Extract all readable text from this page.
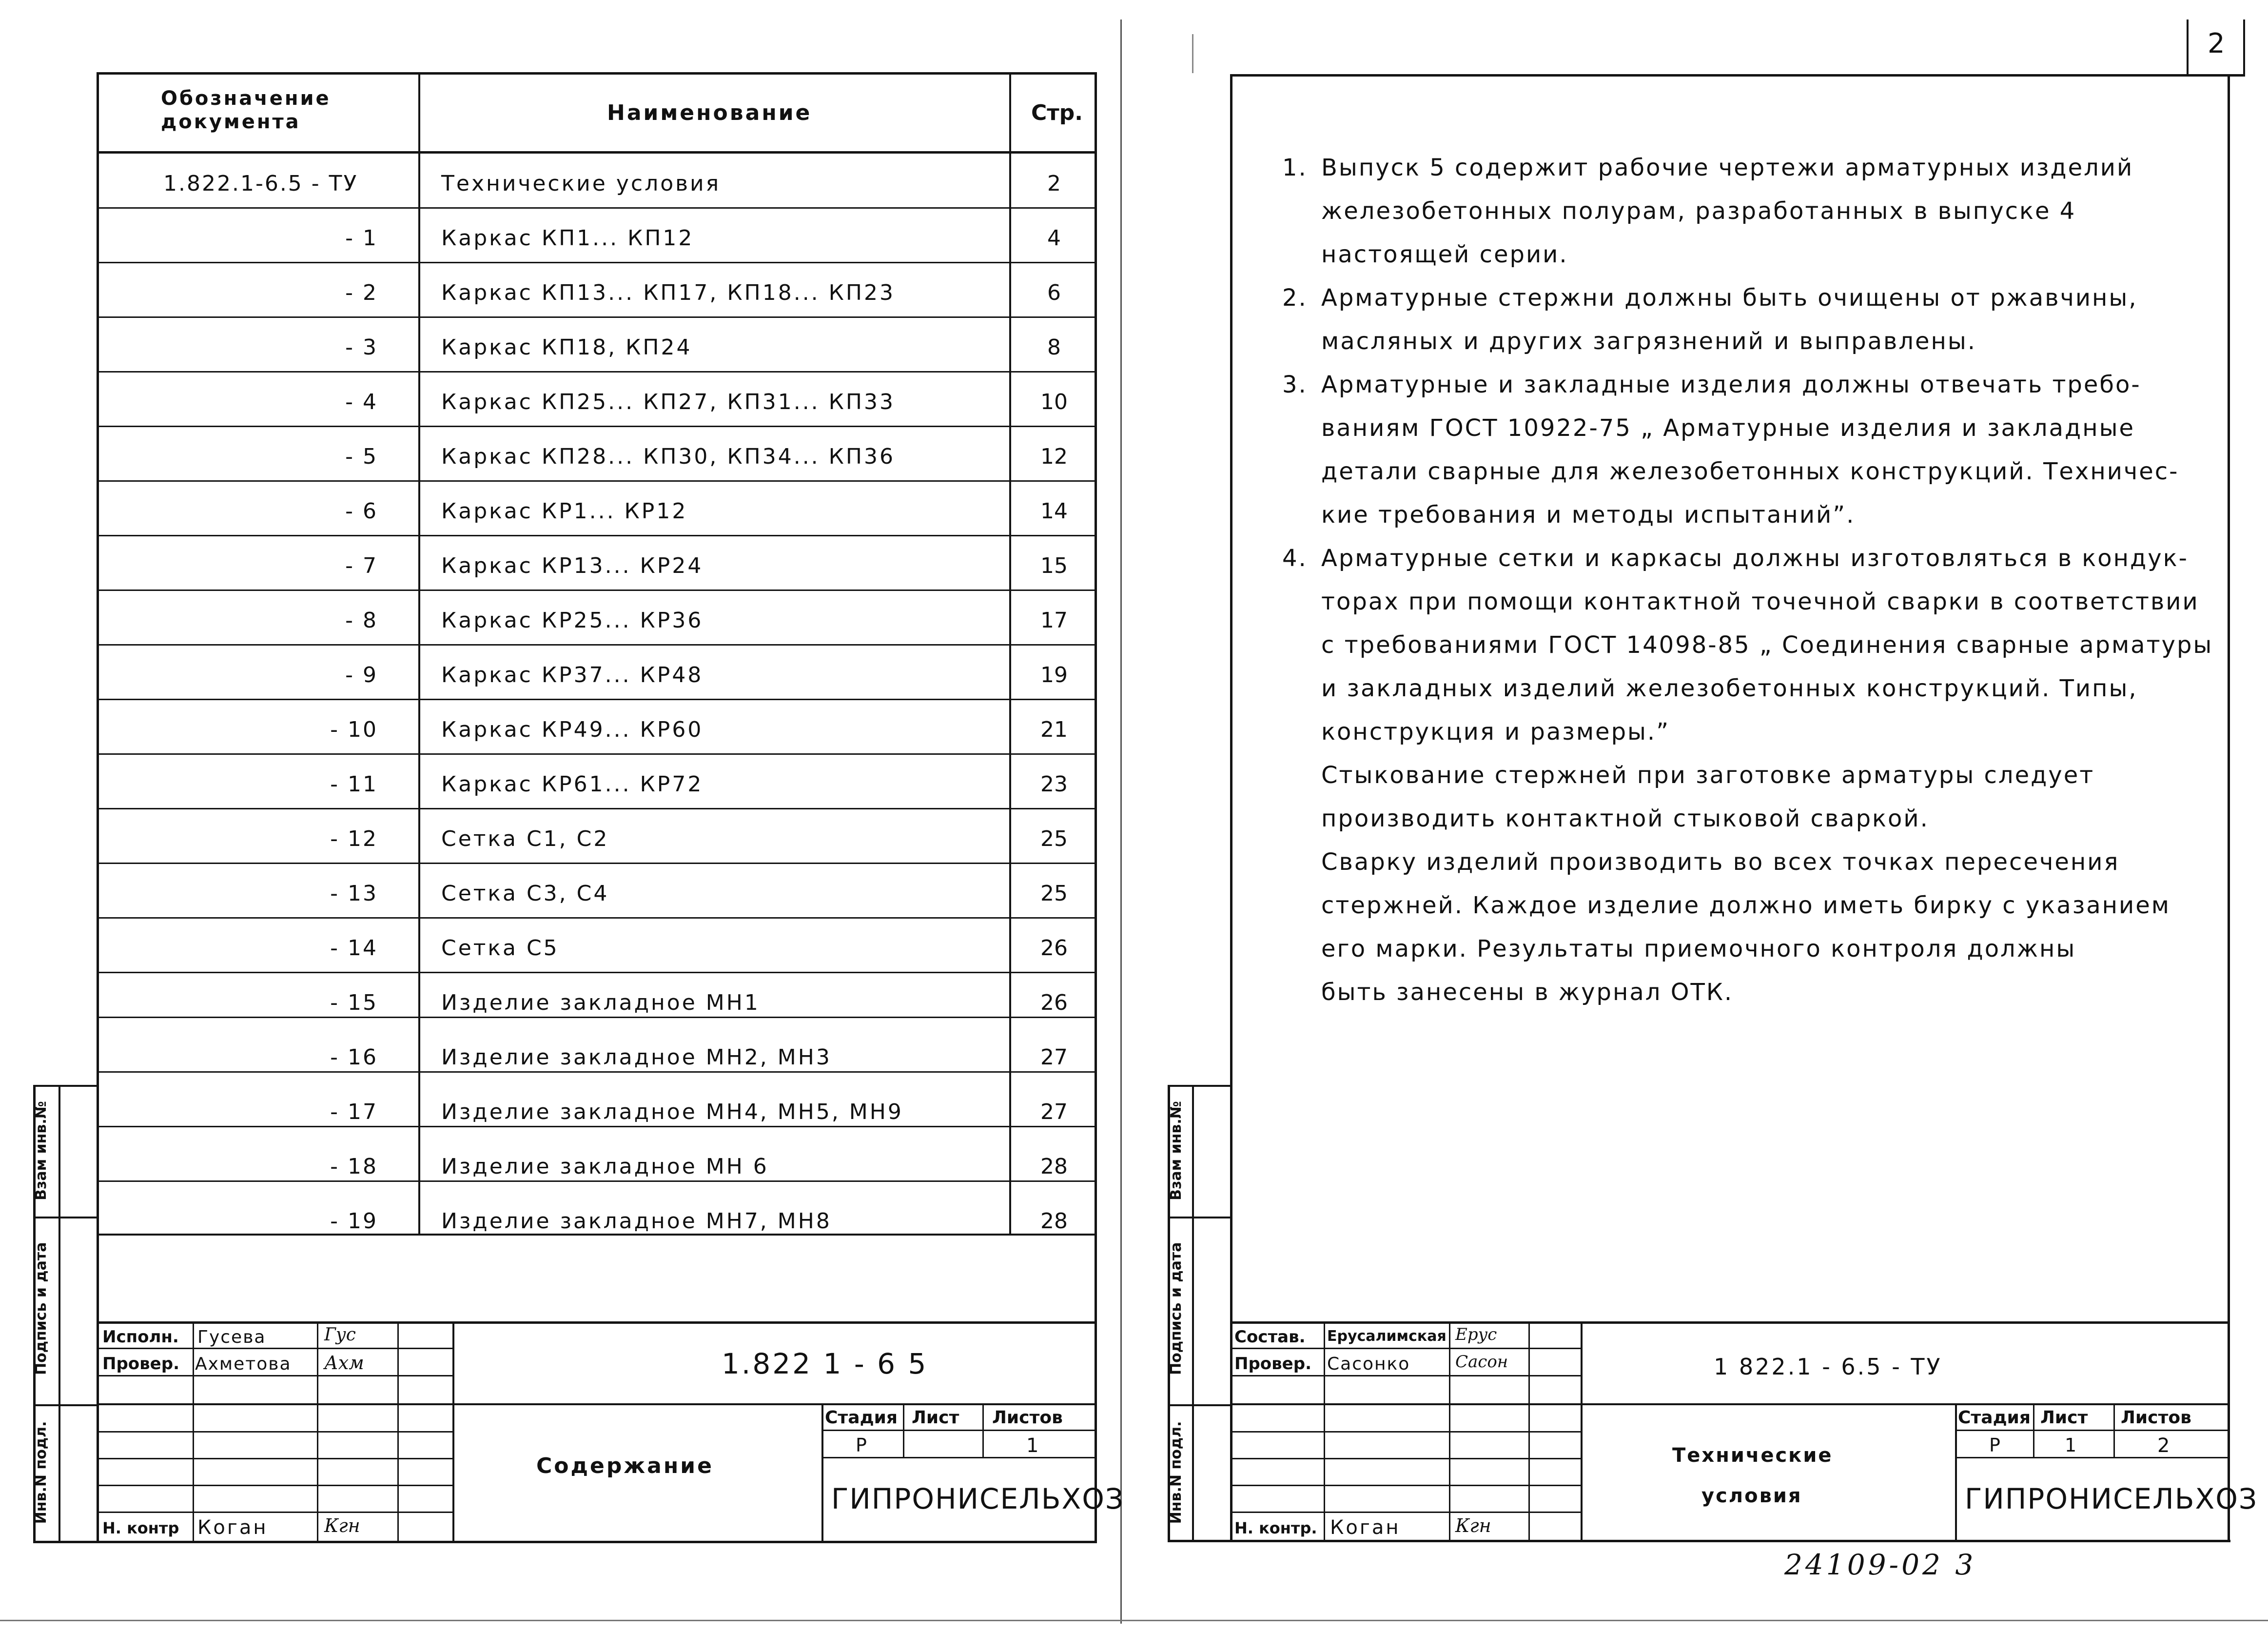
Обозначение документа	Наименование	Стр.
1.822.1-6.5 - ТУ	Технические условия	2
- 1	Каркас КП1... КП12	4
- 2	Каркас КП13... КП17, КП18... КП23	6
- 3	Каркас КП18, КП24	8
- 4	Каркас КП25... КП27, КП31... КП33	10
- 5	Каркас КП28... КП30, КП34... КП36	12
- 6	Каркас КР1... КР12	14
- 7	Каркас КР13... КР24	15
- 8	Каркас КР25... КР36	17
- 9	Каркас КР37... КР48	19
- 10	Каркас КР49... КР60	21
- 11	Каркас КР61... КР72	23
- 12	Сетка С1, С2	25
- 13	Сетка С3, С4	25
- 14	Сетка С5	26
- 15	Изделие закладное МН1	26
- 16	Изделие закладное МН2, МН3	27
- 17	Изделие закладное МН4, МН5, МН9	27
- 18	Изделие закладное МН 6	28
- 19	Изделие закладное МН7, МН8	28
Взам инв.№
Подпись и дата
Инв.N подл.
Исполн.
Провер.
Н. контр
Гусева
Ахметова
Коган
Гус
Ахм
Кгн
1.822 1 - 6 5
Содержание
Стадия Лист Листов
Р	1
ГИПРОНИСЕЛЬХОЗ
2
1. Выпуск 5 содержит рабочие чертежи арматурных изделий
железобетонных полурам, разработанных в выпуске 4
настоящей серии.
2. Арматурные стержни должны быть очищены от ржавчины,
масляных и других загрязнений и выправлены.
3. Арматурные и закладные изделия должны отвечать требо-
ваниям ГОСТ 10922-75 „ Арматурные изделия и закладные
детали сварные для железобетонных конструкций. Техничес-
кие требования и методы испытаний”.
4. Арматурные сетки и каркасы должны изготовляться в кондук-
торах при помощи контактной точечной сварки в соответствии
с требованиями ГОСТ 14098-85 „ Соединения сварные арматуры
и закладных изделий железобетонных конструкций. Типы,
конструкция и размеры.”
Стыкование стержней при заготовке арматуры следует
производить контактной стыковой сваркой.
Сварку изделий производить во всех точках пересечения
стержней. Каждое изделие должно иметь бирку с указанием
его марки. Результаты приемочного контроля должны
быть занесены в журнал ОТК.
Взам инв.№
Подпись и дата
Инв.N подл.
Состав.
Провер.
Н. контр.
Ерусалимская
Сасонко
Коган
Ерус
Сасон
Кгн
1 822.1 - 6.5 - ТУ
Технические
условия
Стадия Лист Листов
Р	1	2
ГИПРОНИСЕЛЬХОЗ
24109-02 3
